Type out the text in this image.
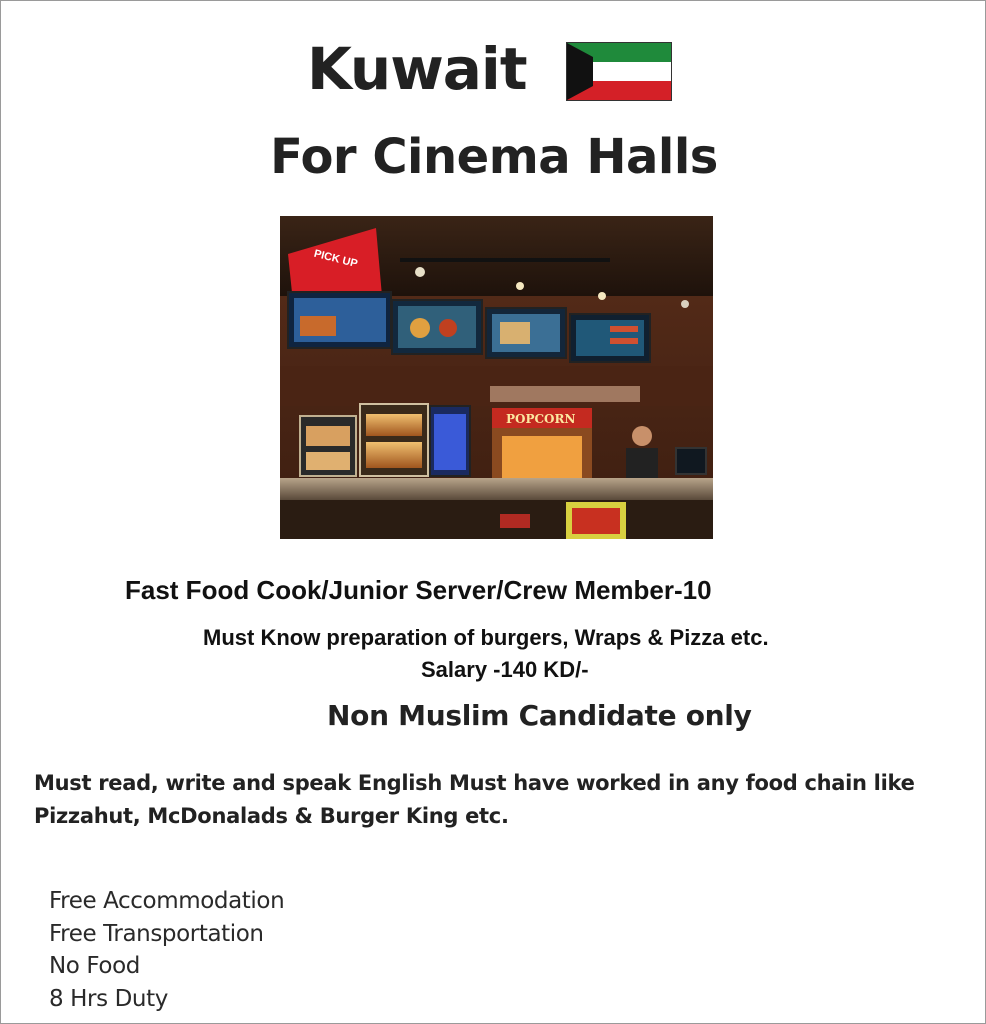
Kuwait
For Cinema Halls
PICK UP
POPCORN
Fast Food Cook/Junior Server/Crew Member-10
Must Know preparation of burgers, Wraps & Pizza etc.
Salary -140 KD/-
Non Muslim Candidate only
Must read, write and speak English Must have worked in any food chain like Pizzahut, McDonalads & Burger King etc.
Free Accommodation
Free Transportation
No Food
8 Hrs Duty
